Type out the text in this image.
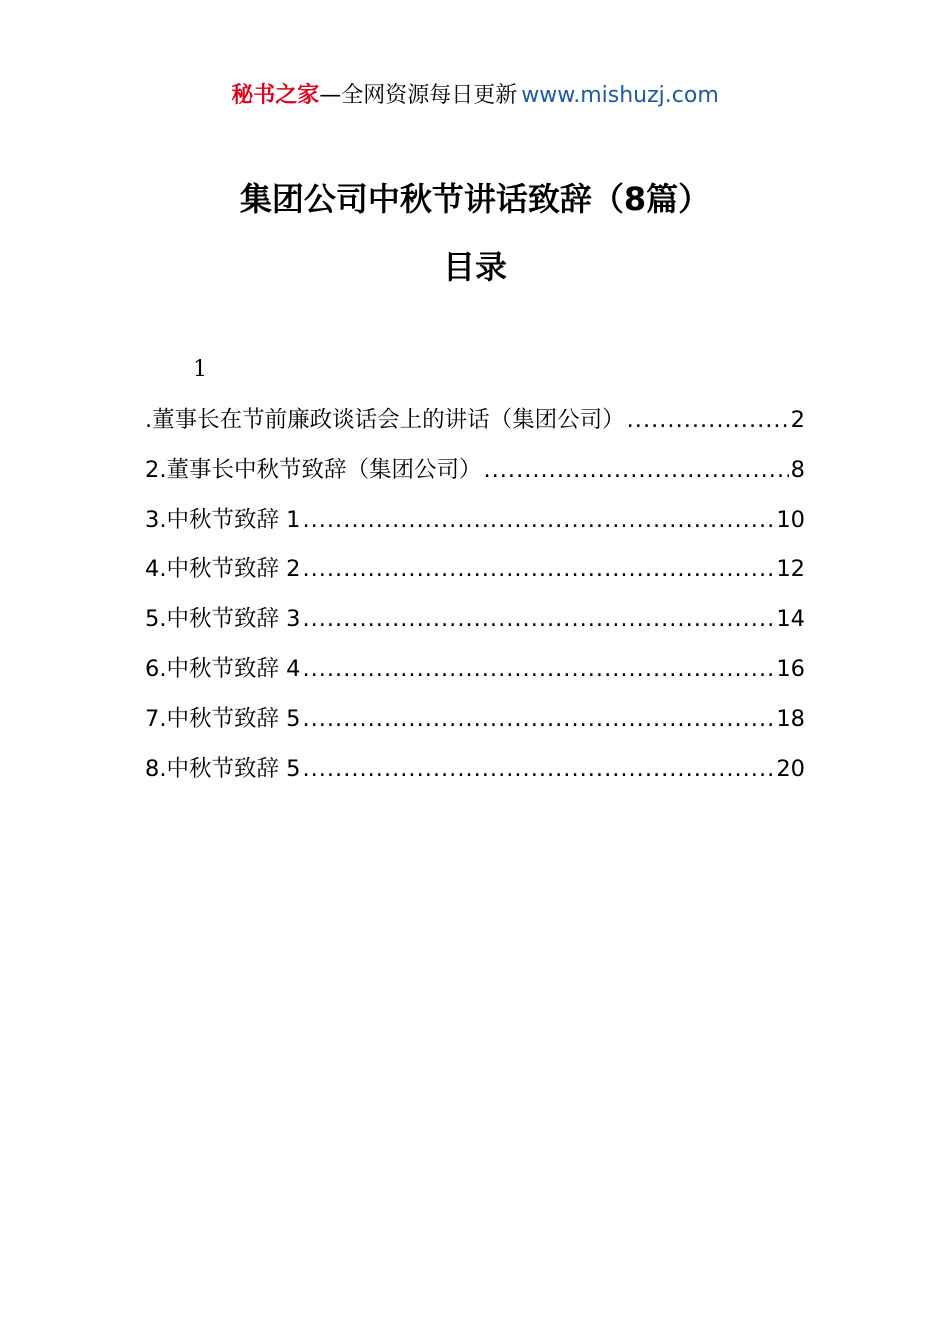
秘书之家—全网资源每日更新 www.mishuzj.com
集团公司中秋节讲话致辞（8篇）
目录
1
.董事长在节前廉政谈话会上的讲话（集团公司） .....	2
2.董事长中秋节致辞（集团公司） .....	8
3.中秋节致辞 1 .....	10
4.中秋节致辞 2 .....	12
5.中秋节致辞 3 .....	14
6.中秋节致辞 4 .....	16
7.中秋节致辞 5 .....	18
8.中秋节致辞 5 .....	20
